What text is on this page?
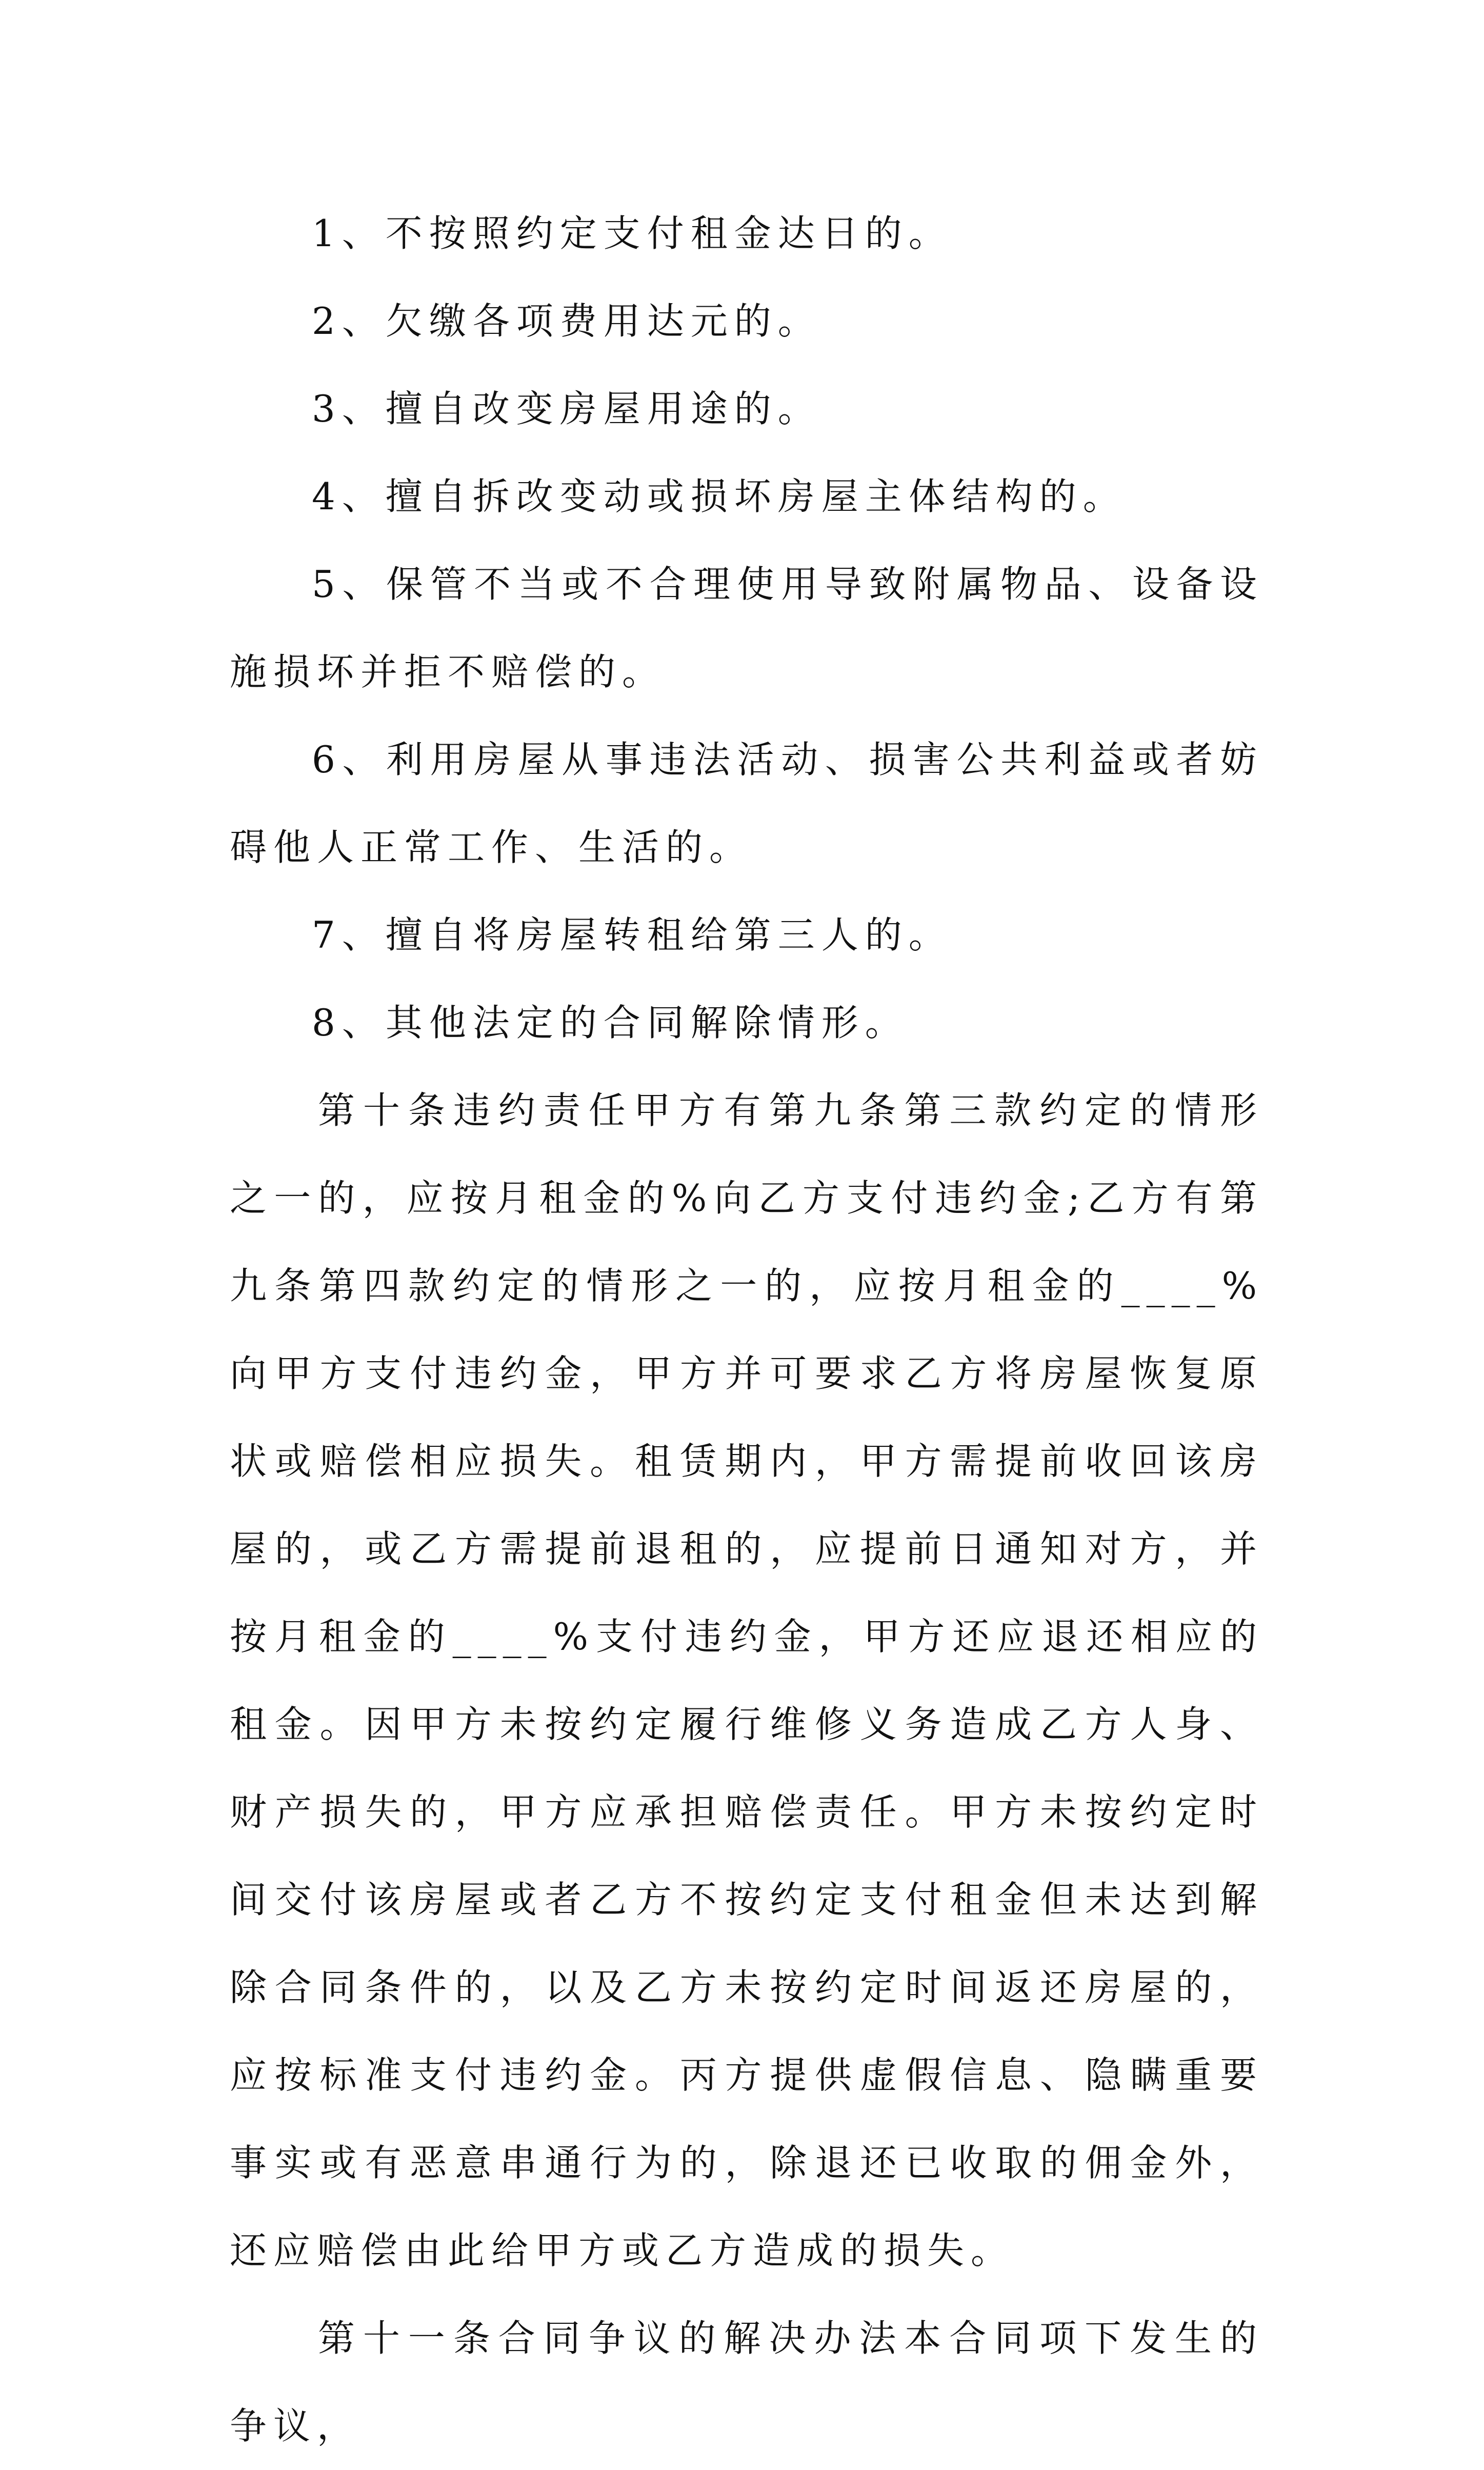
1、不按照约定支付租金达日的。

2、欠缴各项费用达元的。

3、擅自改变房屋用途的。

4、擅自拆改变动或损坏房屋主体结构的。

5、保管不当或不合理使用导致附属物品、设备设施损坏并拒不赔偿的。

6、利用房屋从事违法活动、损害公共利益或者妨碍他人正常工作、生活的。

7、擅自将房屋转租给第三人的。

8、其他法定的合同解除情形。

第十条违约责任甲方有第九条第三款约定的情形之一的，应按月租金的%向乙方支付违约金;乙方有第九条第四款约定的情形之一的，应按月租金的____%向甲方支付违约金，甲方并可要求乙方将房屋恢复原状或赔偿相应损失。租赁期内，甲方需提前收回该房屋的，或乙方需提前退租的，应提前日通知对方，并按月租金的____%支付违约金，甲方还应退还相应的租金。因甲方未按约定履行维修义务造成乙方人身、财产损失的，甲方应承担赔偿责任。甲方未按约定时间交付该房屋或者乙方不按约定支付租金但未达到解除合同条件的，以及乙方未按约定时间返还房屋的，应按标准支付违约金。丙方提供虚假信息、隐瞒重要事实或有恶意串通行为的，除退还已收取的佣金外，还应赔偿由此给甲方或乙方造成的损失。

第十一条合同争议的解决办法本合同项下发生的争议，
